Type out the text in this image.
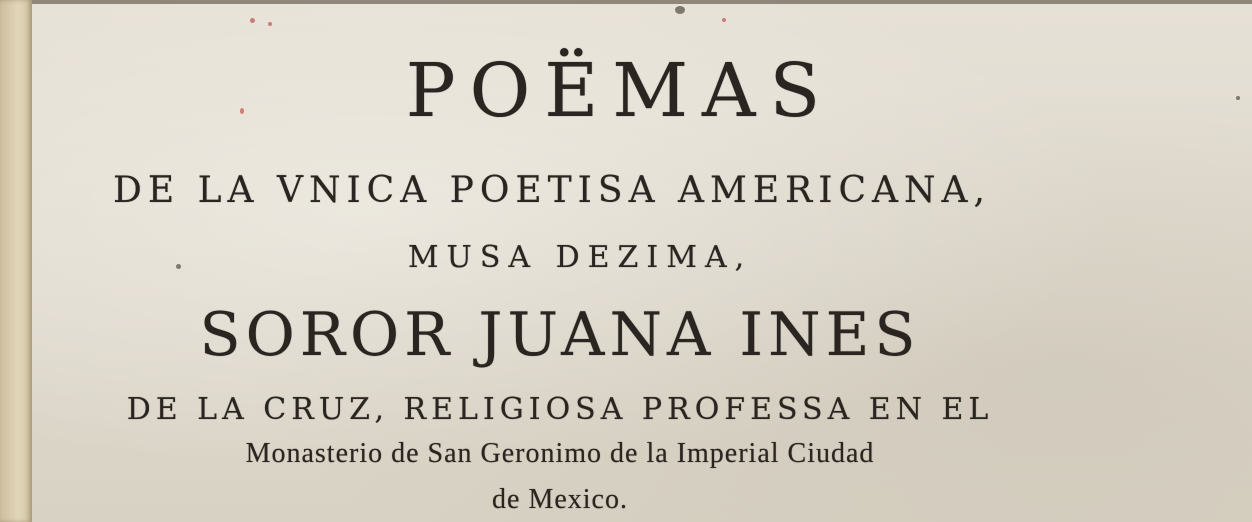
POËMAS
DE LA VNICA POETISA AMERICANA,
MUSA DEZIMA,
SOROR JUANA INES
DE LA CRUZ, RELIGIOSA PROFESSA EN EL
Monasterio de San Geronimo de la Imperial Ciudad
de Mexico.
